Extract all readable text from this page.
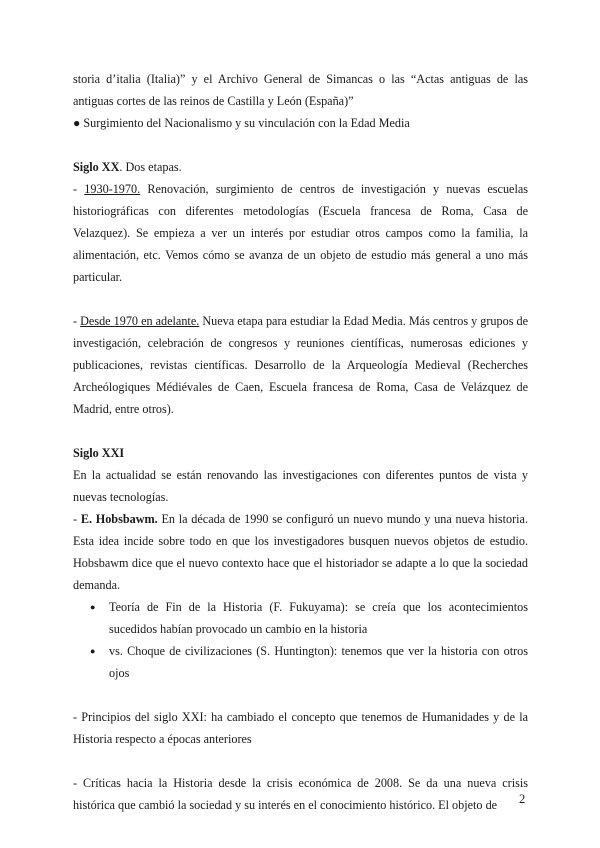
storia d’italia (Italia)” y el Archivo General de Simancas o las “Actas antiguas de las antiguas cortes de las reinos de Castilla y León (España)”

● Surgimiento del Nacionalismo y su vinculación con la Edad Media

Siglo XX. Dos etapas.

- 1930-1970. Renovación, surgimiento de centros de investigación y nuevas escuelas historiográficas con diferentes metodologías (Escuela francesa de Roma, Casa de Velazquez). Se empieza a ver un interés por estudiar otros campos como la familia, la alimentación, etc. Vemos cómo se avanza de un objeto de estudio más general a uno más particular.

- Desde 1970 en adelante. Nueva etapa para estudiar la Edad Media. Más centros y grupos de investigación, celebración de congresos y reuniones científicas, numerosas ediciones y publicaciones, revistas científicas. Desarrollo de la Arqueología Medieval (Recherches Archeólogiques Médiévales de Caen, Escuela francesa de Roma, Casa de Velázquez de Madrid, entre otros).

Siglo XXI

En la actualidad se están renovando las investigaciones con diferentes puntos de vista y nuevas tecnologías.

- E. Hobsbawm. En la década de 1990 se configuró un nuevo mundo y una nueva historia. Esta idea incide sobre todo en que los investigadores busquen nuevos objetos de estudio. Hobsbawm dice que el nuevo contexto hace que el historiador se adapte a lo que la sociedad demanda.

● Teoría de Fin de la Historia (F. Fukuyama): se creía que los acontecimientos sucedidos habían provocado un cambio en la historia
● vs. Choque de civilizaciones (S. Huntington): tenemos que ver la historia con otros ojos

- Principios del siglo XXI: ha cambiado el concepto que tenemos de Humanidades y de la Historia respecto a épocas anteriores

- Críticas hacia la Historia desde la crisis económica de 2008. Se da una nueva crisis histórica que cambió la sociedad y su interés en el conocimiento histórico. El objeto de	2
